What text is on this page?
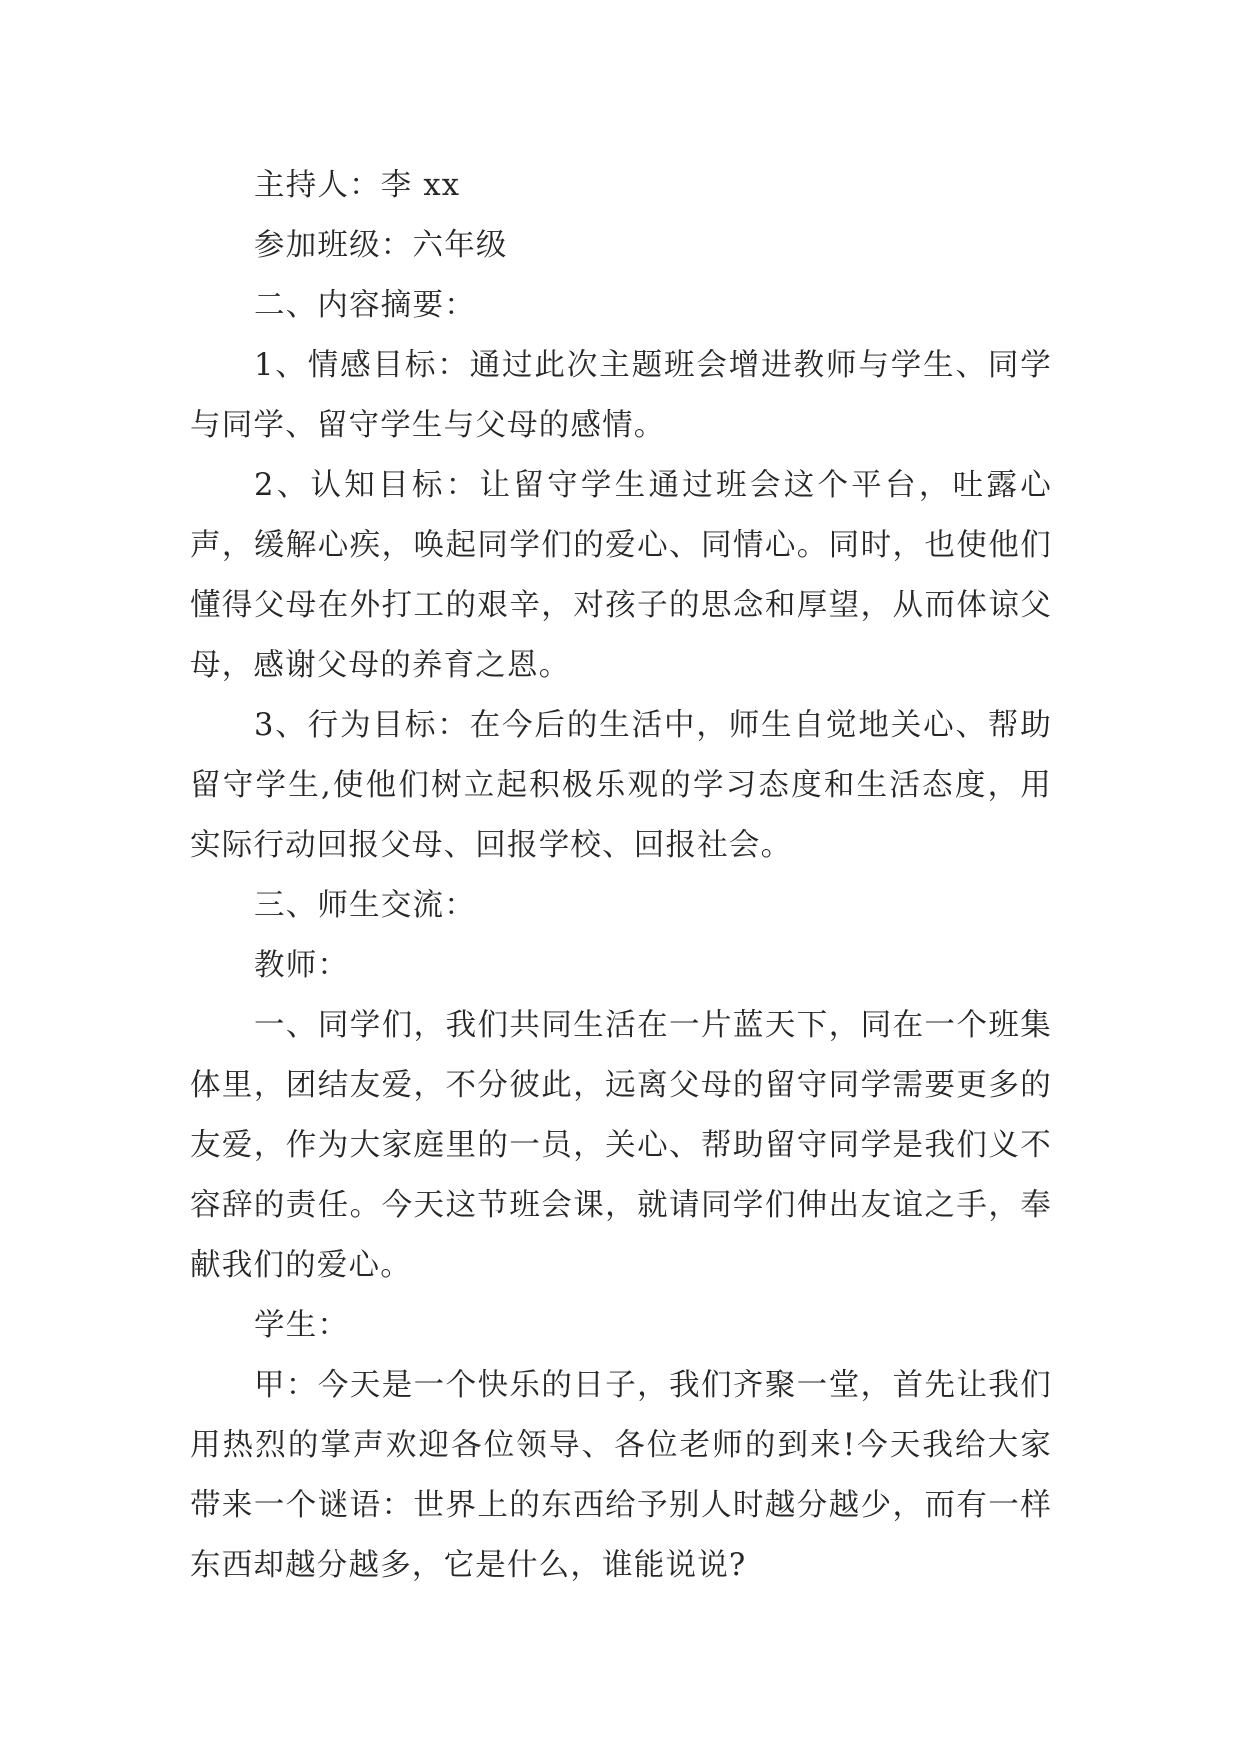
主持人：李 xx

参加班级：六年级

二、内容摘要：

1、情感目标：通过此次主题班会增进教师与学生、同学与同学、留守学生与父母的感情。

2、认知目标：让留守学生通过班会这个平台，吐露心声，缓解心疾，唤起同学们的爱心、同情心。同时，也使他们懂得父母在外打工的艰辛，对孩子的思念和厚望，从而体谅父母，感谢父母的养育之恩。

3、行为目标：在今后的生活中，师生自觉地关心、帮助留守学生,使他们树立起积极乐观的学习态度和生活态度，用实际行动回报父母、回报学校、回报社会。

三、师生交流：

教师：

一、同学们，我们共同生活在一片蓝天下，同在一个班集体里，团结友爱，不分彼此，远离父母的留守同学需要更多的友爱，作为大家庭里的一员，关心、帮助留守同学是我们义不容辞的责任。今天这节班会课，就请同学们伸出友谊之手，奉献我们的爱心。

学生：

甲：今天是一个快乐的日子，我们齐聚一堂，首先让我们用热烈的掌声欢迎各位领导、各位老师的到来!今天我给大家带来一个谜语：世界上的东西给予别人时越分越少，而有一样东西却越分越多，它是什么，谁能说说?
